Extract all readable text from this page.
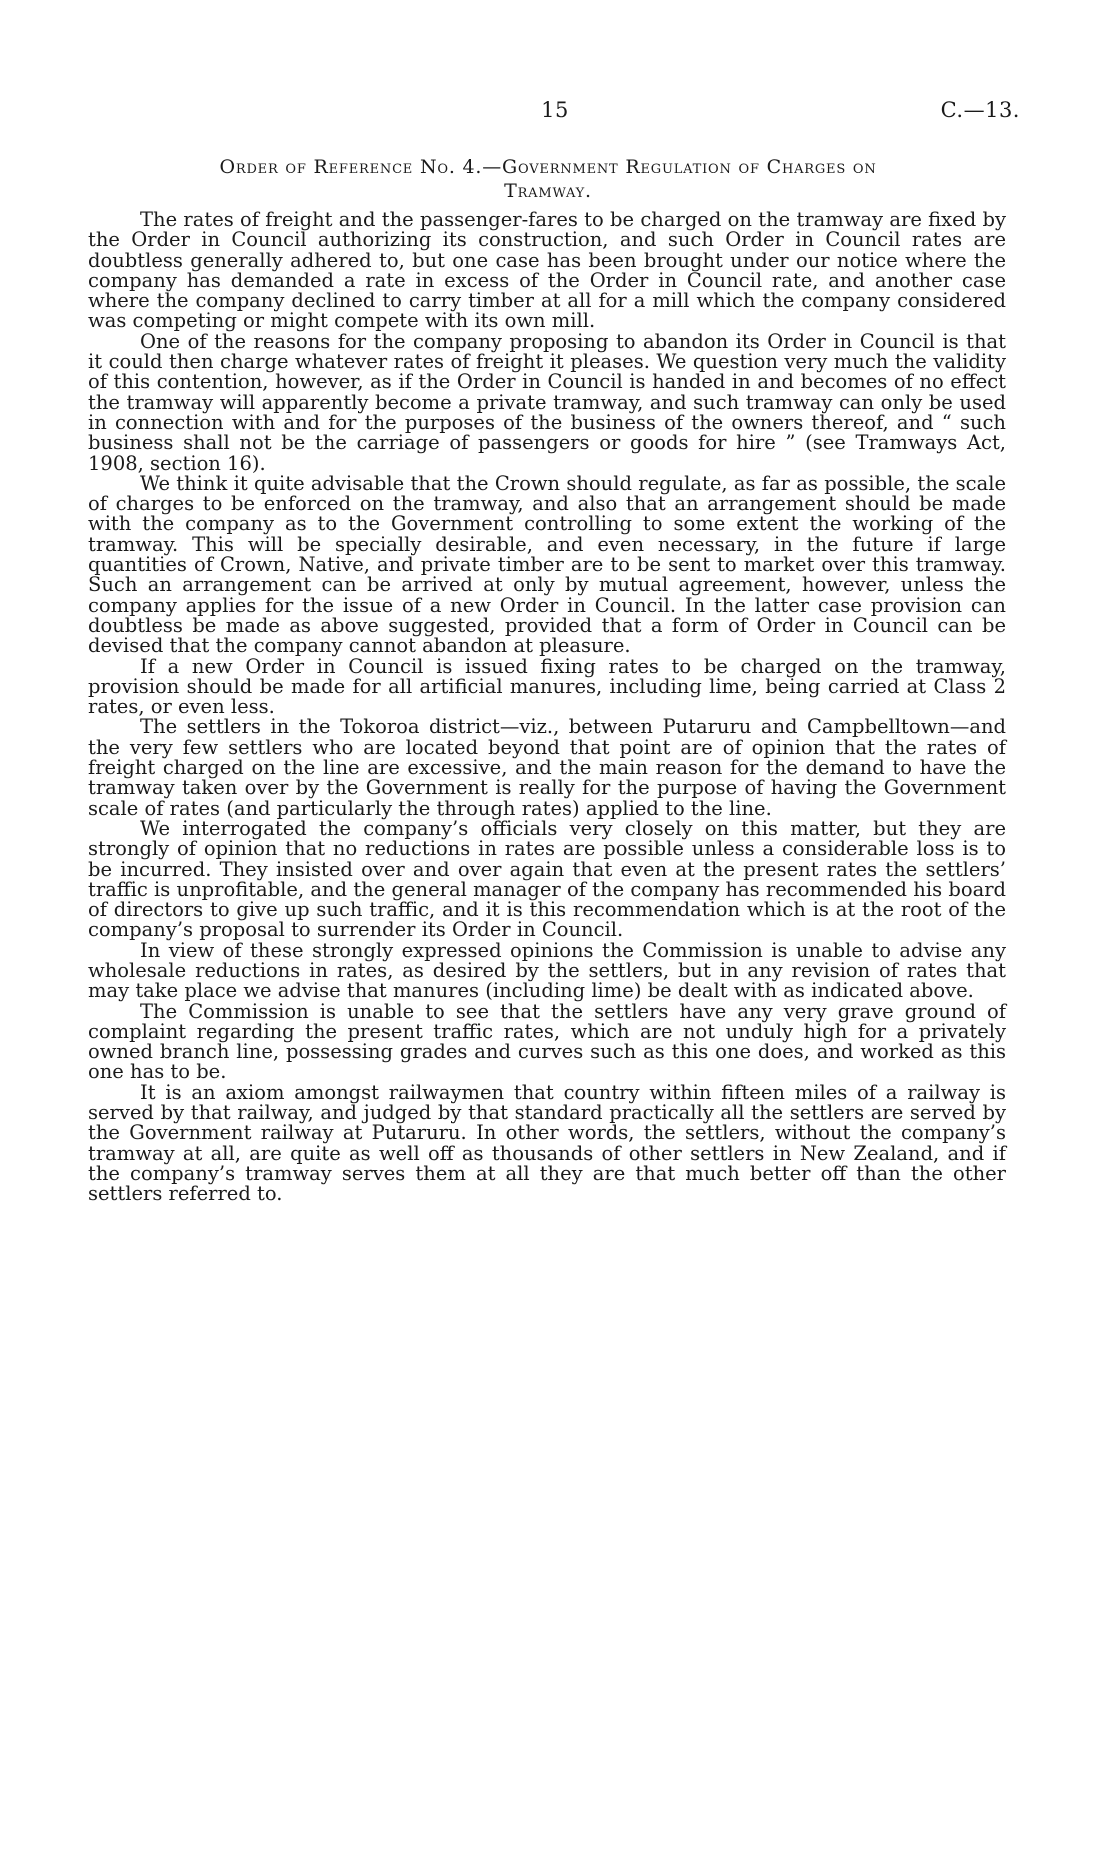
15	C.—13.
Order of Reference No. 4.—Government Regulation of Charges on
Tramway.

The rates of freight and the passenger-fares to be charged on the tramway are fixed by the Order in Council authorizing its construction, and such Order in Council rates are doubtless generally adhered to, but one case has been brought under our notice where the company has demanded a rate in excess of the Order in Council rate, and another case where the company declined to carry timber at all for a mill which the company considered was competing or might compete with its own mill.

One of the reasons for the company proposing to abandon its Order in Council is that it could then charge whatever rates of freight it pleases. We question very much the validity of this contention, however, as if the Order in Council is handed in and becomes of no effect the tramway will apparently become a private tramway, and such tramway can only be used in connection with and for the purposes of the business of the owners thereof, and “ such business shall not be the carriage of passengers or goods for hire ” (see Tramways Act, 1908, section 16).

We think it quite advisable that the Crown should regulate, as far as possible, the scale of charges to be enforced on the tramway, and also that an arrangement should be made with the company as to the Government controlling to some extent the working of the tramway. This will be specially desirable, and even necessary, in the future if large quantities of Crown, Native, and private timber are to be sent to market over this tramway. Such an arrangement can be arrived at only by mutual agreement, however, unless the company applies for the issue of a new Order in Council. In the latter case provision can doubtless be made as above suggested, provided that a form of Order in Council can be devised that the company cannot abandon at pleasure.

If a new Order in Council is issued fixing rates to be charged on the tramway, provision should be made for all artificial manures, including lime, being carried at Class 2 rates, or even less.

The settlers in the Tokoroa district—viz., between Putaruru and Campbelltown—and the very few settlers who are located beyond that point are of opinion that the rates of freight charged on the line are excessive, and the main reason for the demand to have the tramway taken over by the Government is really for the purpose of having the Government scale of rates (and particularly the through rates) applied to the line.

We interrogated the company’s officials very closely on this matter, but they are strongly of opinion that no reductions in rates are possible unless a considerable loss is to be incurred. They insisted over and over again that even at the present rates the settlers’ traffic is unprofitable, and the general manager of the company has recommended his board of directors to give up such traffic, and it is this recommendation which is at the root of the company’s proposal to surrender its Order in Council.

In view of these strongly expressed opinions the Commission is unable to advise any wholesale reductions in rates, as desired by the settlers, but in any revision of rates that may take place we advise that manures (including lime) be dealt with as indicated above.

The Commission is unable to see that the settlers have any very grave ground of complaint regarding the present traffic rates, which are not unduly high for a privately owned branch line, possessing grades and curves such as this one does, and worked as this one has to be.

It is an axiom amongst railwaymen that country within fifteen miles of a railway is served by that railway, and judged by that standard practically all the settlers are served by the Government railway at Putaruru. In other words, the settlers, without the company’s tramway at all, are quite as well off as thousands of other settlers in New Zealand, and if the company’s tramway serves them at all they are that much better off than the other settlers referred to.
